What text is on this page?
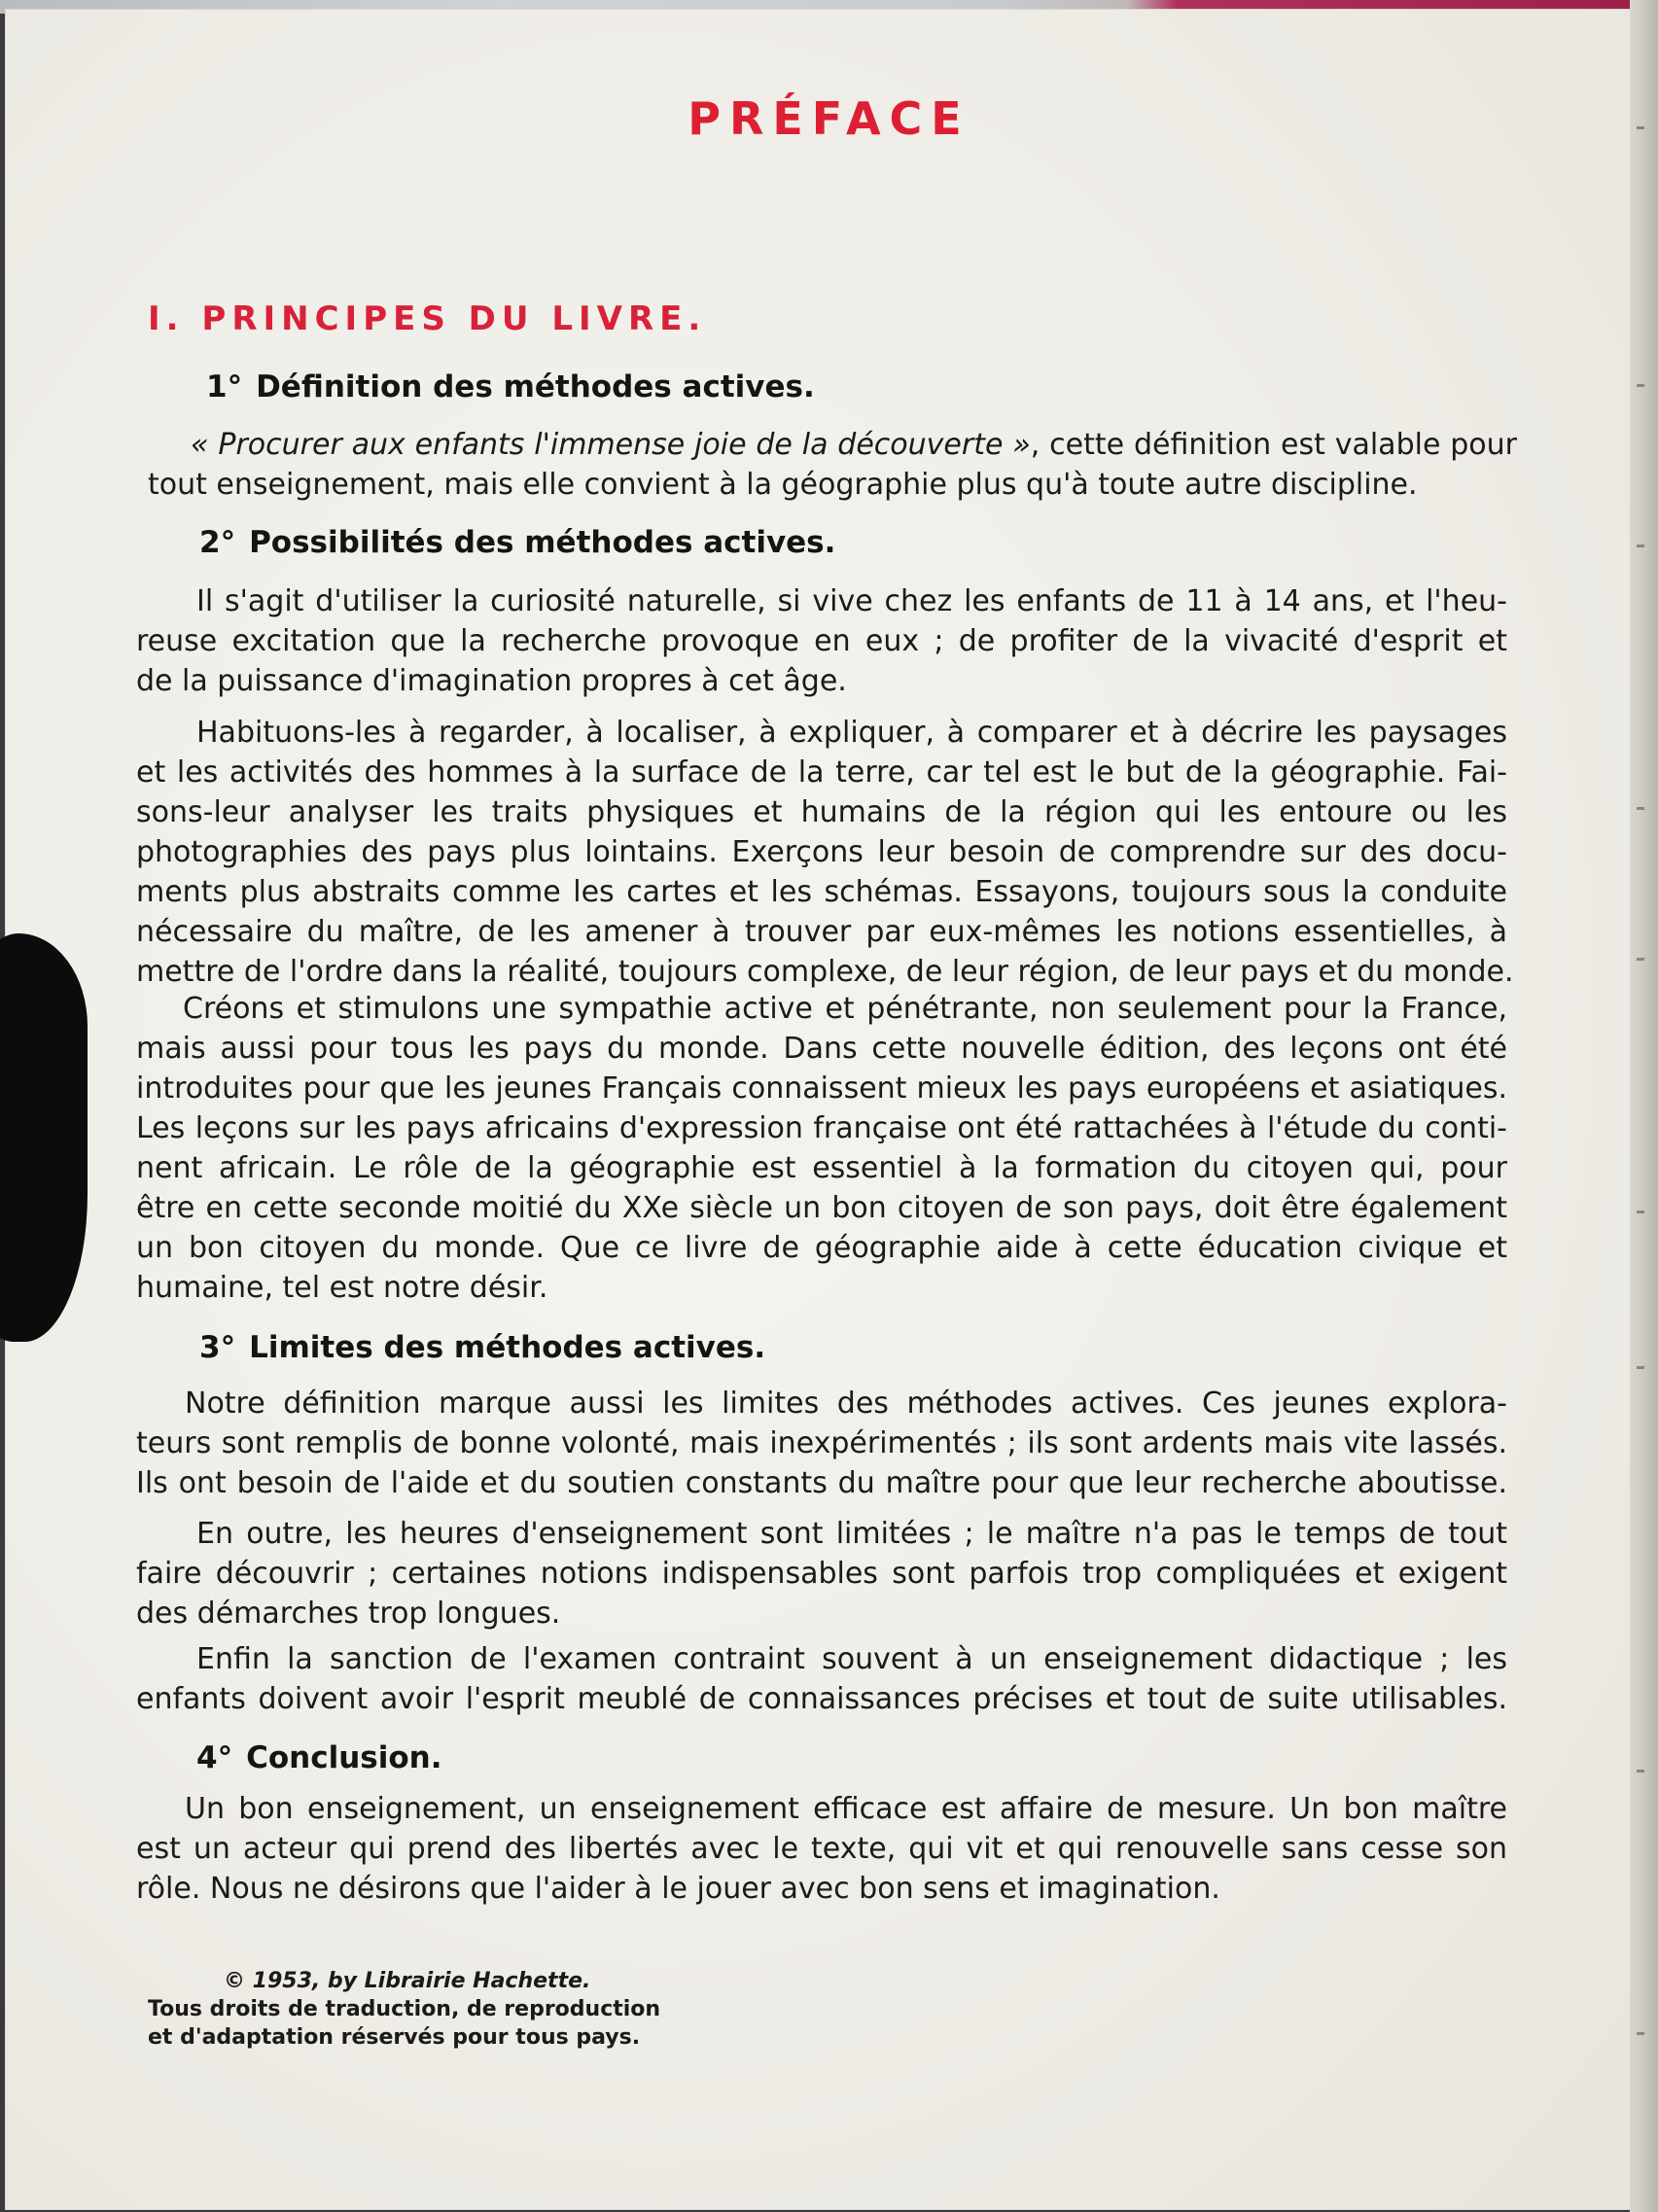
PRÉFACE
I. PRINCIPES DU LIVRE.
1° Définition des méthodes actives.
« Procurer aux enfants l'immense joie de la découverte », cette définition est valable pour
tout enseignement, mais elle convient à la géographie plus qu'à toute autre discipline.
2° Possibilités des méthodes actives.
Il s'agit d'utiliser la curiosité naturelle, si vive chez les enfants de 11 à 14 ans, et l'heu-
reuse excitation que la recherche provoque en eux ; de profiter de la vivacité d'esprit et
de la puissance d'imagination propres à cet âge.
Habituons-les à regarder, à localiser, à expliquer, à comparer et à décrire les paysages
et les activités des hommes à la surface de la terre, car tel est le but de la géographie. Fai-
sons-leur analyser les traits physiques et humains de la région qui les entoure ou les
photographies des pays plus lointains. Exerçons leur besoin de comprendre sur des docu-
ments plus abstraits comme les cartes et les schémas. Essayons, toujours sous la conduite
nécessaire du maître, de les amener à trouver par eux-mêmes les notions essentielles, à
mettre de l'ordre dans la réalité, toujours complexe, de leur région, de leur pays et du monde.
Créons et stimulons une sympathie active et pénétrante, non seulement pour la France,
mais aussi pour tous les pays du monde. Dans cette nouvelle édition, des leçons ont été
introduites pour que les jeunes Français connaissent mieux les pays européens et asiatiques.
Les leçons sur les pays africains d'expression française ont été rattachées à l'étude du conti-
nent africain. Le rôle de la géographie est essentiel à la formation du citoyen qui, pour
être en cette seconde moitié du XXe siècle un bon citoyen de son pays, doit être également
un bon citoyen du monde. Que ce livre de géographie aide à cette éducation civique et
humaine, tel est notre désir.
3° Limites des méthodes actives.
Notre définition marque aussi les limites des méthodes actives. Ces jeunes explora-
teurs sont remplis de bonne volonté, mais inexpérimentés ; ils sont ardents mais vite lassés.
Ils ont besoin de l'aide et du soutien constants du maître pour que leur recherche aboutisse.
En outre, les heures d'enseignement sont limitées ; le maître n'a pas le temps de tout
faire découvrir ; certaines notions indispensables sont parfois trop compliquées et exigent
des démarches trop longues.
Enfin la sanction de l'examen contraint souvent à un enseignement didactique ; les
enfants doivent avoir l'esprit meublé de connaissances précises et tout de suite utilisables.
4° Conclusion.
Un bon enseignement, un enseignement efficace est affaire de mesure. Un bon maître
est un acteur qui prend des libertés avec le texte, qui vit et qui renouvelle sans cesse son
rôle. Nous ne désirons que l'aider à le jouer avec bon sens et imagination.
© 1953, by Librairie Hachette.
Tous droits de traduction, de reproduction
et d'adaptation réservés pour tous pays.
